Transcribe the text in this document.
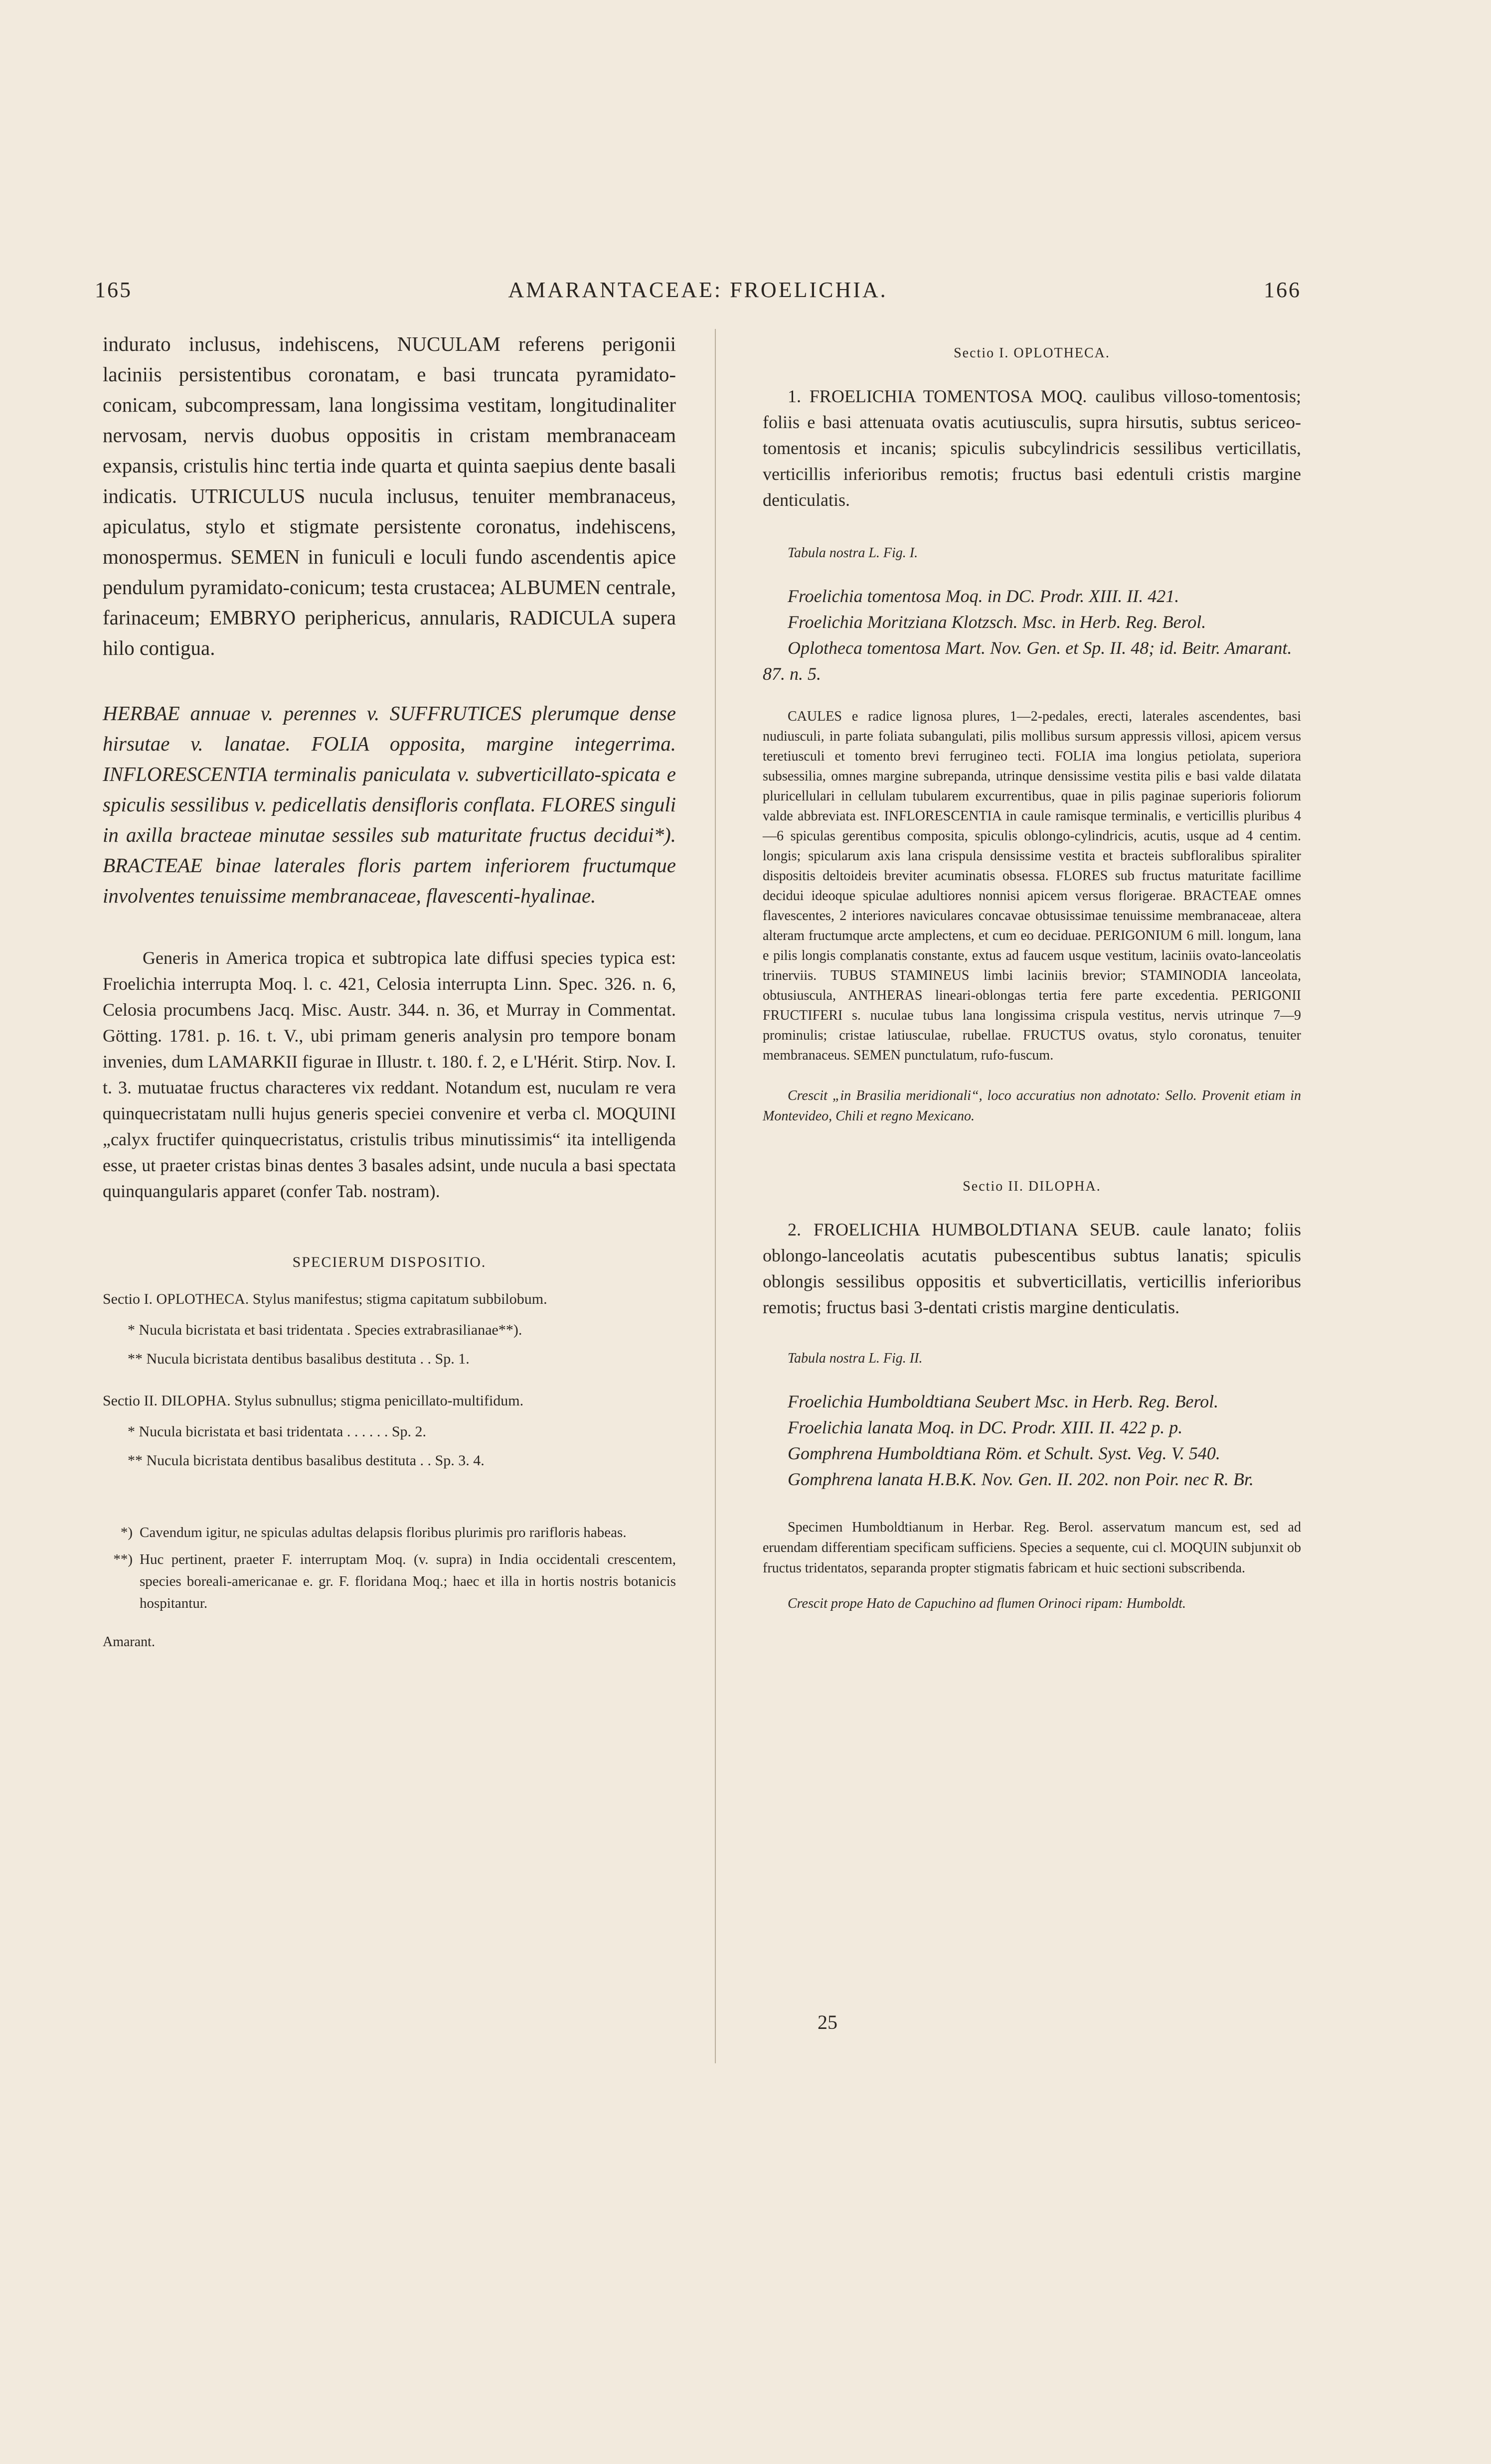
165	AMARANTACEAE: FROELICHIA.	166

indurato inclusus, indehiscens, NUCULAM referens perigonii laciniis persistentibus coronatam, e basi truncata pyramidato-conicam, subcompressam, lana longissima vestitam, longitudinaliter nervosam, nervis duobus oppositis in cristam membranaceam expansis, cristulis hinc tertia inde quarta et quinta saepius dente basali indicatis. UTRICULUS nucula inclusus, tenuiter membranaceus, apiculatus, stylo et stigmate persistente coronatus, indehiscens, monospermus. SEMEN in funiculi e loculi fundo ascendentis apice pendulum pyramidato-conicum; testa crustacea; ALBUMEN centrale, farinaceum; EMBRYO periphericus, annularis, RADICULA supera hilo contigua.

HERBAE annuae v. perennes v. SUFFRUTICES plerumque dense hirsutae v. lanatae. FOLIA opposita, margine integerrima. INFLORESCENTIA terminalis paniculata v. subverticillato-spicata e spiculis sessilibus v. pedicellatis densifloris conflata. FLORES singuli in axilla bracteae minutae sessiles sub maturitate fructus decidui*). BRACTEAE binae laterales floris partem inferiorem fructumque involventes tenuissime membranaceae, flavescenti-hyalinae.

Generis in America tropica et subtropica late diffusi species typica est: Froelichia interrupta Moq. l. c. 421, Celosia interrupta Linn. Spec. 326. n. 6, Celosia procumbens Jacq. Misc. Austr. 344. n. 36, et Murray in Commentat. Götting. 1781. p. 16. t. V., ubi primam generis analysin pro tempore bonam invenies, dum LAMARKII figurae in Illustr. t. 180. f. 2, e L'Hérit. Stirp. Nov. I. t. 3. mutuatae fructus characteres vix reddant. Notandum est, nuculam re vera quinquecristatam nulli hujus generis speciei convenire et verba cl. MOQUINI „calyx fructifer quinquecristatus, cristulis tribus minutissimis“ ita intelligenda esse, ut praeter cristas binas dentes 3 basales adsint, unde nucula a basi spectata quinquangularis apparet (confer Tab. nostram).

SPECIERUM DISPOSITIO.

Sectio I. OPLOTHECA. Stylus manifestus; stigma capitatum subbilobum.

* Nucula bicristata et basi tridentata . Species extrabrasilianae**).

** Nucula bicristata dentibus basalibus destituta . . Sp. 1.

Sectio II. DILOPHA. Stylus subnullus; stigma penicillato-multifidum.

* Nucula bicristata et basi tridentata . . . . . . Sp. 2.

** Nucula bicristata dentibus basalibus destituta . . Sp. 3. 4.

*) Cavendum igitur, ne spiculas adultas delapsis floribus plurimis pro rariflоris habeas.
**) Huc pertinent, praeter F. interruptam Moq. (v. supra) in India occidentali crescentem, species boreali-americanae e. gr. F. floridana Moq.; haec et illa in hortis nostris botanicis hospitantur.

Amarant.

Sectio I. OPLOTHECA.

1. FROELICHIA TOMENTOSA MOQ. caulibus villoso-tomentosis; foliis e basi attenuata ovatis acutiusculis, supra hirsutis, subtus sericeo-tomentosis et incanis; spiculis subcylindricis sessilibus verticillatis, verticillis inferioribus remotis; fructus basi edentuli cristis margine denticulatis.

Tabula nostra L. Fig. I.

Froelichia tomentosa Moq. in DC. Prodr. XIII. II. 421.

Froelichia Moritziana Klotzsch. Msc. in Herb. Reg. Berol.

Oplotheca tomentosa Mart. Nov. Gen. et Sp. II. 48; id. Beitr. Amarant. 87. n. 5.

CAULES e radice lignosa plures, 1—2-pedales, erecti, laterales ascendentes, basi nudiusculi, in parte foliata subangulati, pilis mollibus sursum appressis villosi, apicem versus teretiusculi et tomento brevi ferrugineo tecti. FOLIA ima longius petiolata, superiora subsessilia, omnes margine subrepanda, utrinque densissime vestita pilis e basi valde dilatata pluricellulari in cellulam tubularem excurrentibus, quae in pilis paginae superioris foliorum valde abbreviata est. INFLORESCENTIA in caule ramisque terminalis, e verticillis pluribus 4—6 spiculas gerentibus composita, spiculis oblongo-cylindricis, acutis, usque ad 4 centim. longis; spicularum axis lana crispula densissime vestita et bracteis subfloralibus spiraliter dispositis deltoideis breviter acuminatis obsessa. FLORES sub fructus maturitate facillime decidui ideoque spiculae adultiores nonnisi apicem versus florigerae. BRACTEAE omnes flavescentes, 2 interiores naviculares concavae obtusissimae tenuissime membranaceae, altera alteram fructumque arcte amplectens, et cum eo deciduae. PERIGONIUM 6 mill. longum, lana e pilis longis complanatis constante, extus ad faucem usque vestitum, laciniis ovato-lanceolatis trinerviis. TUBUS STAMINEUS limbi laciniis brevior; STAMINODIA lanceolata, obtusiuscula, ANTHERAS lineari-oblongas tertia fere parte excedentia. PERIGONII FRUCTIFERI s. nuculae tubus lana longissima crispula vestitus, nervis utrinque 7—9 prominulis; cristae latiusculae, rubellae. FRUCTUS ovatus, stylo coronatus, tenuiter membranaceus. SEMEN punctulatum, rufo-fuscum.

Crescit „in Brasilia meridionali“, loco accuratius non adnotato: Sello. Provenit etiam in Montevideo, Chili et regno Mexicano.

Sectio II. DILOPHA.

2. FROELICHIA HUMBOLDTIANA SEUB. caule lanato; foliis oblongo-lanceolatis acutatis pubescentibus subtus lanatis; spiculis oblongis sessilibus oppositis et subverticillatis, verticillis inferioribus remotis; fructus basi 3-dentati cristis margine denticulatis.

Tabula nostra L. Fig. II.

Froelichia Humboldtiana Seubert Msc. in Herb. Reg. Berol.

Froelichia lanata Moq. in DC. Prodr. XIII. II. 422 p. p.

Gomphrena Humboldtiana Röm. et Schult. Syst. Veg. V. 540.

Gomphrena lanata H.B.K. Nov. Gen. II. 202. non Poir. nec R. Br.

Specimen Humboldtianum in Herbar. Reg. Berol. asservatum mancum est, sed ad eruendam differentiam specificam sufficiens. Species a sequente, cui cl. MOQUIN subjunxit ob fructus tridentatos, separanda propter stigmatis fabricam et huic sectioni subscribenda.

Crescit prope Hato de Capuchino ad flumen Orinoci ripam: Humboldt.

25
